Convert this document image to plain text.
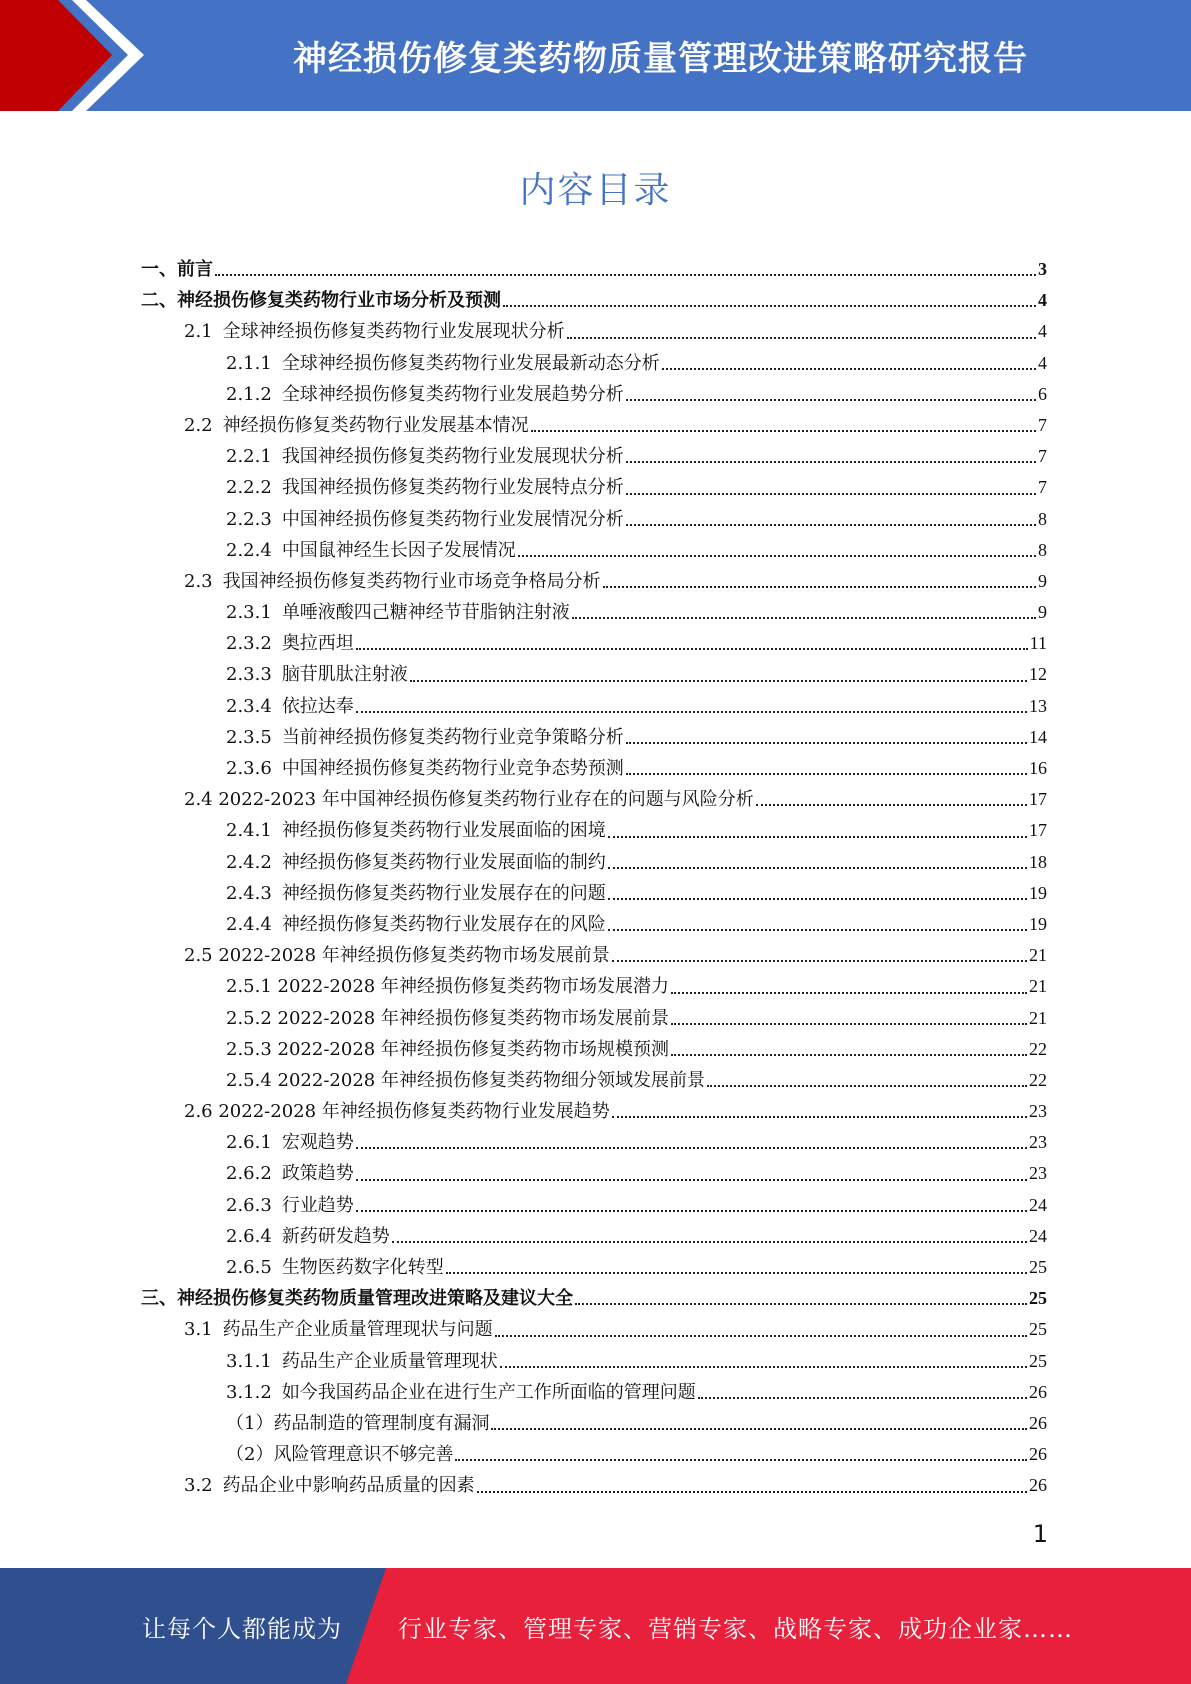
神经损伤修复类药物质量管理改进策略研究报告
内容目录
一、前言	3
二、神经损伤修复类药物行业市场分析及预测	4
2.1 全球神经损伤修复类药物行业发展现状分析	4
2.1.1 全球神经损伤修复类药物行业发展最新动态分析	4
2.1.2 全球神经损伤修复类药物行业发展趋势分析	6
2.2 神经损伤修复类药物行业发展基本情况	7
2.2.1 我国神经损伤修复类药物行业发展现状分析	7
2.2.2 我国神经损伤修复类药物行业发展特点分析	7
2.2.3 中国神经损伤修复类药物行业发展情况分析	8
2.2.4 中国鼠神经生长因子发展情况	8
2.3 我国神经损伤修复类药物行业市场竞争格局分析	9
2.3.1 单唾液酸四己糖神经节苷脂钠注射液	9
2.3.2 奥拉西坦	11
2.3.3 脑苷肌肽注射液	12
2.3.4 依拉达奉	13
2.3.5 当前神经损伤修复类药物行业竞争策略分析	14
2.3.6 中国神经损伤修复类药物行业竞争态势预测	16
2.4 2022-2023 年中国神经损伤修复类药物行业存在的问题与风险分析	17
2.4.1 神经损伤修复类药物行业发展面临的困境	17
2.4.2 神经损伤修复类药物行业发展面临的制约	18
2.4.3 神经损伤修复类药物行业发展存在的问题	19
2.4.4 神经损伤修复类药物行业发展存在的风险	19
2.5 2022-2028 年神经损伤修复类药物市场发展前景	21
2.5.1 2022-2028 年神经损伤修复类药物市场发展潜力	21
2.5.2 2022-2028 年神经损伤修复类药物市场发展前景	21
2.5.3 2022-2028 年神经损伤修复类药物市场规模预测	22
2.5.4 2022-2028 年神经损伤修复类药物细分领域发展前景	22
2.6 2022-2028 年神经损伤修复类药物行业发展趋势	23
2.6.1 宏观趋势	23
2.6.2 政策趋势	23
2.6.3 行业趋势	24
2.6.4 新药研发趋势	24
2.6.5 生物医药数字化转型	25
三、神经损伤修复类药物质量管理改进策略及建议大全	25
3.1 药品生产企业质量管理现状与问题	25
3.1.1 药品生产企业质量管理现状	25
3.1.2 如今我国药品企业在进行生产工作所面临的管理问题	26
（1）药品制造的管理制度有漏洞	26
（2）风险管理意识不够完善	26
3.2 药品企业中影响药品质量的因素	26
1
让每个人都能成为 行业专家、管理专家、营销专家、战略专家、成功企业家……
